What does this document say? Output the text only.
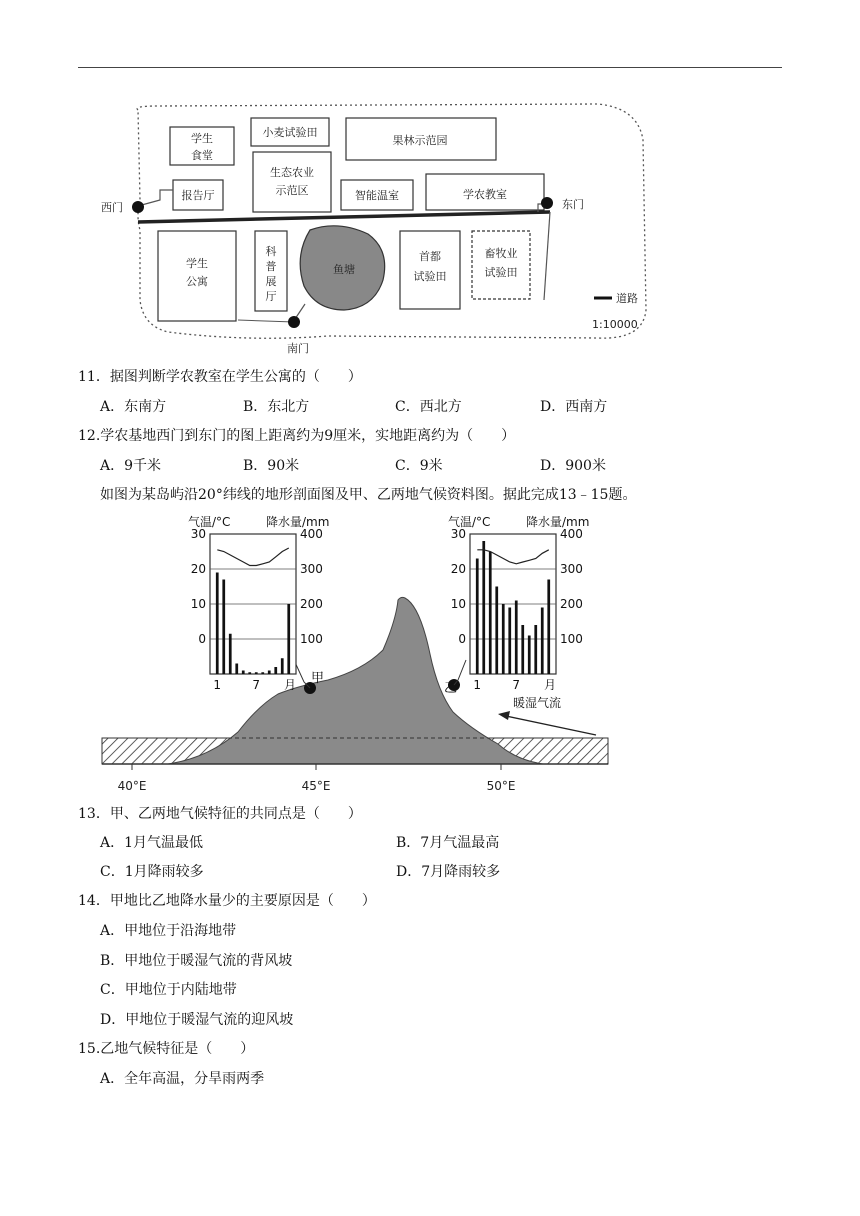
学生
食堂
小麦试验田
果林示范园
生态农业
示范区
报告厅	智能温室	学农教室
学生
公寓
科
普
展
厅
鱼塘
首都
试验田
畜牧业
试验田
西门	东门
南门
道路
1:10000
11．据图判断学农教室在学生公寓的（　　）
A．东南方	B．东北方	C．西北方	D．西南方
12.学农基地西门到东门的图上距离约为9厘米，实地距离约为（　　）
A．9千米	B．90米	C．9米	D．900米
如图为某岛屿沿20°纬线的地形剖面图及甲、乙两地气候资料图。据此完成13﹣15题。
40°E	45°E	50°E
甲
乙
暖湿气流
气温/°C	降水量/mm
30
20
10
0
400
300
200
100
1	7 月
气温/°C	降水量/mm
30
20
10
0
400
300
200
100
1	7 月
13．甲、乙两地气候特征的共同点是（　　）
A．1月气温最低	B．7月气温最高
C．1月降雨较多	D．7月降雨较多
14．甲地比乙地降水量少的主要原因是（　　）
A．甲地位于沿海地带
B．甲地位于暖湿气流的背风坡
C．甲地位于内陆地带
D．甲地位于暖湿气流的迎风坡
15.乙地气候特征是（　　）
A．全年高温，分旱雨两季
